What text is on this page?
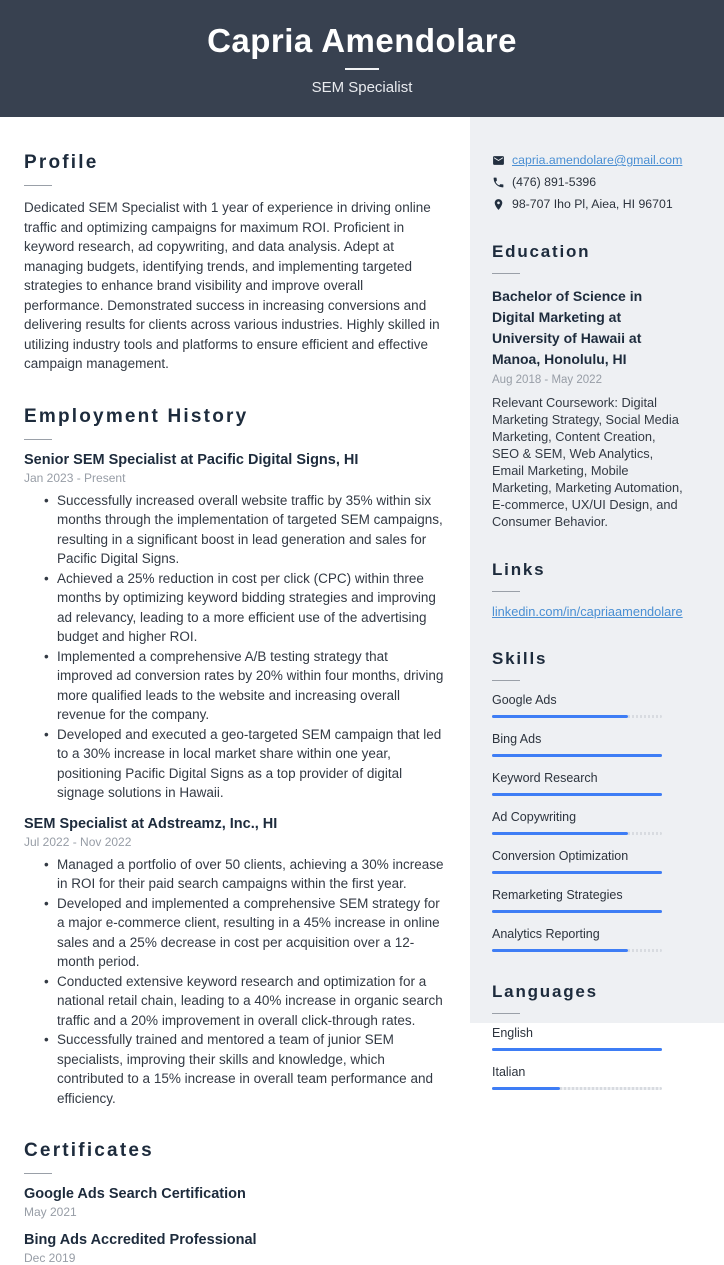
Capria Amendolare
SEM Specialist
Profile
Dedicated SEM Specialist with 1 year of experience in driving online traffic and optimizing campaigns for maximum ROI. Proficient in keyword research, ad copywriting, and data analysis. Adept at managing budgets, identifying trends, and implementing targeted strategies to enhance brand visibility and improve overall performance. Demonstrated success in increasing conversions and delivering results for clients across various industries. Highly skilled in utilizing industry tools and platforms to ensure efficient and effective campaign management.
Employment History
Senior SEM Specialist at Pacific Digital Signs, HI
Jan 2023 - Present
• Successfully increased overall website traffic by 35% within six months through the implementation of targeted SEM campaigns, resulting in a significant boost in lead generation and sales for Pacific Digital Signs.
• Achieved a 25% reduction in cost per click (CPC) within three months by optimizing keyword bidding strategies and improving ad relevancy, leading to a more efficient use of the advertising budget and higher ROI.
• Implemented a comprehensive A/B testing strategy that improved ad conversion rates by 20% within four months, driving more qualified leads to the website and increasing overall revenue for the company.
• Developed and executed a geo-targeted SEM campaign that led to a 30% increase in local market share within one year, positioning Pacific Digital Signs as a top provider of digital signage solutions in Hawaii.
SEM Specialist at Adstreamz, Inc., HI
Jul 2022 - Nov 2022
• Managed a portfolio of over 50 clients, achieving a 30% increase in ROI for their paid search campaigns within the first year.
• Developed and implemented a comprehensive SEM strategy for a major e-commerce client, resulting in a 45% increase in online sales and a 25% decrease in cost per acquisition over a 12-month period.
• Conducted extensive keyword research and optimization for a national retail chain, leading to a 40% increase in organic search traffic and a 20% improvement in overall click-through rates.
• Successfully trained and mentored a team of junior SEM specialists, improving their skills and knowledge, which contributed to a 15% increase in overall team performance and efficiency.
Certificates
Google Ads Search Certification
May 2021
Bing Ads Accredited Professional
Dec 2019
capria.amendolare@gmail.com
(476) 891-5396
98-707 Iho Pl, Aiea, HI 96701
Education
Bachelor of Science in Digital Marketing at University of Hawaii at Manoa, Honolulu, HI
Aug 2018 - May 2022
Relevant Coursework: Digital Marketing Strategy, Social Media Marketing, Content Creation, SEO & SEM, Web Analytics, Email Marketing, Mobile Marketing, Marketing Automation, E-commerce, UX/UI Design, and Consumer Behavior.
Links
linkedin.com/in/capriaamendolare
Skills
Google Ads
Bing Ads
Keyword Research
Ad Copywriting
Conversion Optimization
Remarketing Strategies
Analytics Reporting
Languages
English
Italian
